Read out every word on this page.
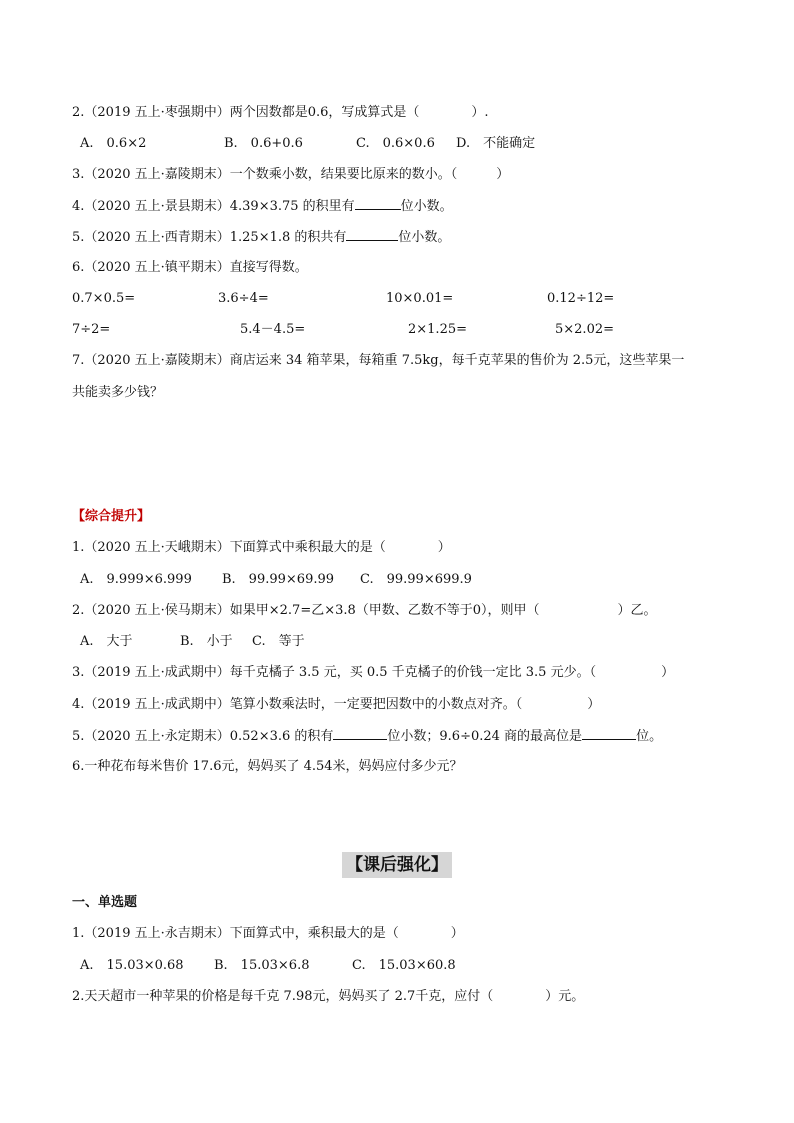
2.（2019 五上·枣强期中）两个因数都是0.6，写成算式是（　　　　）.
A.　0.6×2	B.　0.6+0.6	C.　0.6×0.6 D.　不能确定
3.（2020 五上·嘉陵期末）一个数乘小数，结果要比原来的数小。（　　　）
4.（2020 五上·景县期末）4.39×3.75 的积里有	位小数。
5.（2020 五上·西青期末）1.25×1.8 的积共有	位小数。
6.（2020 五上·镇平期末）直接写得数。
0.7×0.5=	3.6÷4=	10×0.01=	0.12÷12=
7÷2=	5.4－4.5=	2×1.25=	5×2.02=
7.（2020 五上·嘉陵期末）商店运来 34 箱苹果，每箱重 7.5kg，每千克苹果的售价为 2.5元，这些苹果一
共能卖多少钱？
【综合提升】
1.（2020 五上·天峨期末）下面算式中乘积最大的是（　　　　）
A.　9.999×6.999 B.　99.99×69.99 C.　99.99×699.9
2.（2020 五上·侯马期末）如果甲×2.7=乙×3.8（甲数、乙数不等于0），则甲（　　　　　　）乙。
A.　大于	B.　小于 C.　等于
3.（2019 五上·成武期中）每千克橘子 3.5 元，买 0.5 千克橘子的价钱一定比 3.5 元少。（　　　　　）
4.（2019 五上·成武期中）笔算小数乘法时，一定要把因数中的小数点对齐。（　　　　　）
5.（2020 五上·永定期末）0.52×3.6 的积有	位小数；9.6÷0.24 商的最高位是	位。
6.一种花布每米售价 17.6元，妈妈买了 4.54米，妈妈应付多少元？
【课后强化】
一、单选题
1.（2019 五上·永吉期末）下面算式中，乘积最大的是（　　　　）
A.　15.03×0.68 B.　15.03×6.8	C.　15.03×60.8
2.天天超市一种苹果的价格是每千克 7.98元，妈妈买了 2.7千克，应付（　　　　）元。
